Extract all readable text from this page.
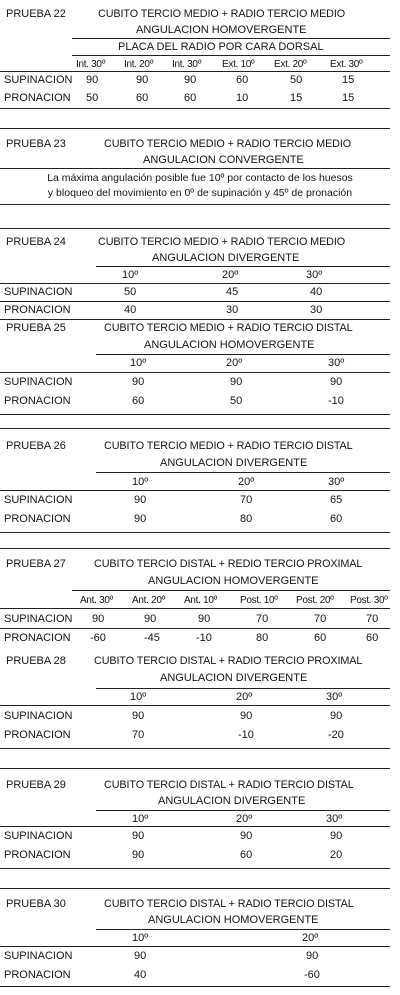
PRUEBA 22	CUBITO TERCIO MEDIO + RADIO TERCIO MEDIO
ANGULACION HOMOVERGENTE
PLACA DEL RADIO POR CARA DORSAL
Int. 30º Int. 20º Int. 30º Ext. 10º Ext. 20º Ext. 30º
SUPINACION 90	90	90	60	50	15
PRONACION 50	60	60	10	15	15
PRUEBA 23	CUBITO TERCIO MEDIO + RADIO TERCIO MEDIO
ANGULACION CONVERGENTE
La máxima angulación posible fue 10º por contacto de los huesos
y bloqueo del movimiento en 0º de supinación y 45º de pronación
PRUEBA 24	CUBITO TERCIO MEDIO + RADIO TERCIO MEDIO
ANGULACION DIVERGENTE
10º	20º	30º
SUPINACION	50	45	40
PRONACION	40	30	30
PRUEBA 25	CUBITO TERCIO MEDIO + RADIO TERCIO DISTAL
ANGULACION HOMOVERGENTE
10º	20º	30º
SUPINACION	90	90	90
PRONACION	60	50	-10
PRUEBA 26	CUBITO TERCIO MEDIO + RADIO TERCIO DISTAL
ANGULACION DIVERGENTE
10º	20º	30º
SUPINACION	90	70	65
PRONACION	90	80	60
PRUEBA 27	CUBITO TERCIO DISTAL + REDIO TERCIO PROXIMAL
ANGULACION HOMOVERGENTE
Ant. 30º Ant. 20º Ant. 10º Post. 10º Post. 20º Post. 30º
SUPINACION 90	90	90	70	70	70
PRONACION -60	-45	-10	80	60	60
PRUEBA 28	CUBITO TERCIO DISTAL + RADIO TERCIO PROXIMAL
ANGULACION DIVERGENTE
10º	20º	30º
SUPINACION	90	90	90
PRONACION	70	-10	-20
PRUEBA 29	CUBITO TERCIO DISTAL + RADIO TERCIO DISTAL
ANGULACION DIVERGENTE
10º	20º	30º
SUPINACION	90	90	90
PRONACION	90	60	20
PRUEBA 30	CUBITO TERCIO DISTAL + RADIO TERCIO DISTAL
ANGULACION HOMOVERGENTE
10º	20º
SUPINACION	90	90
PRONACION	40	-60
